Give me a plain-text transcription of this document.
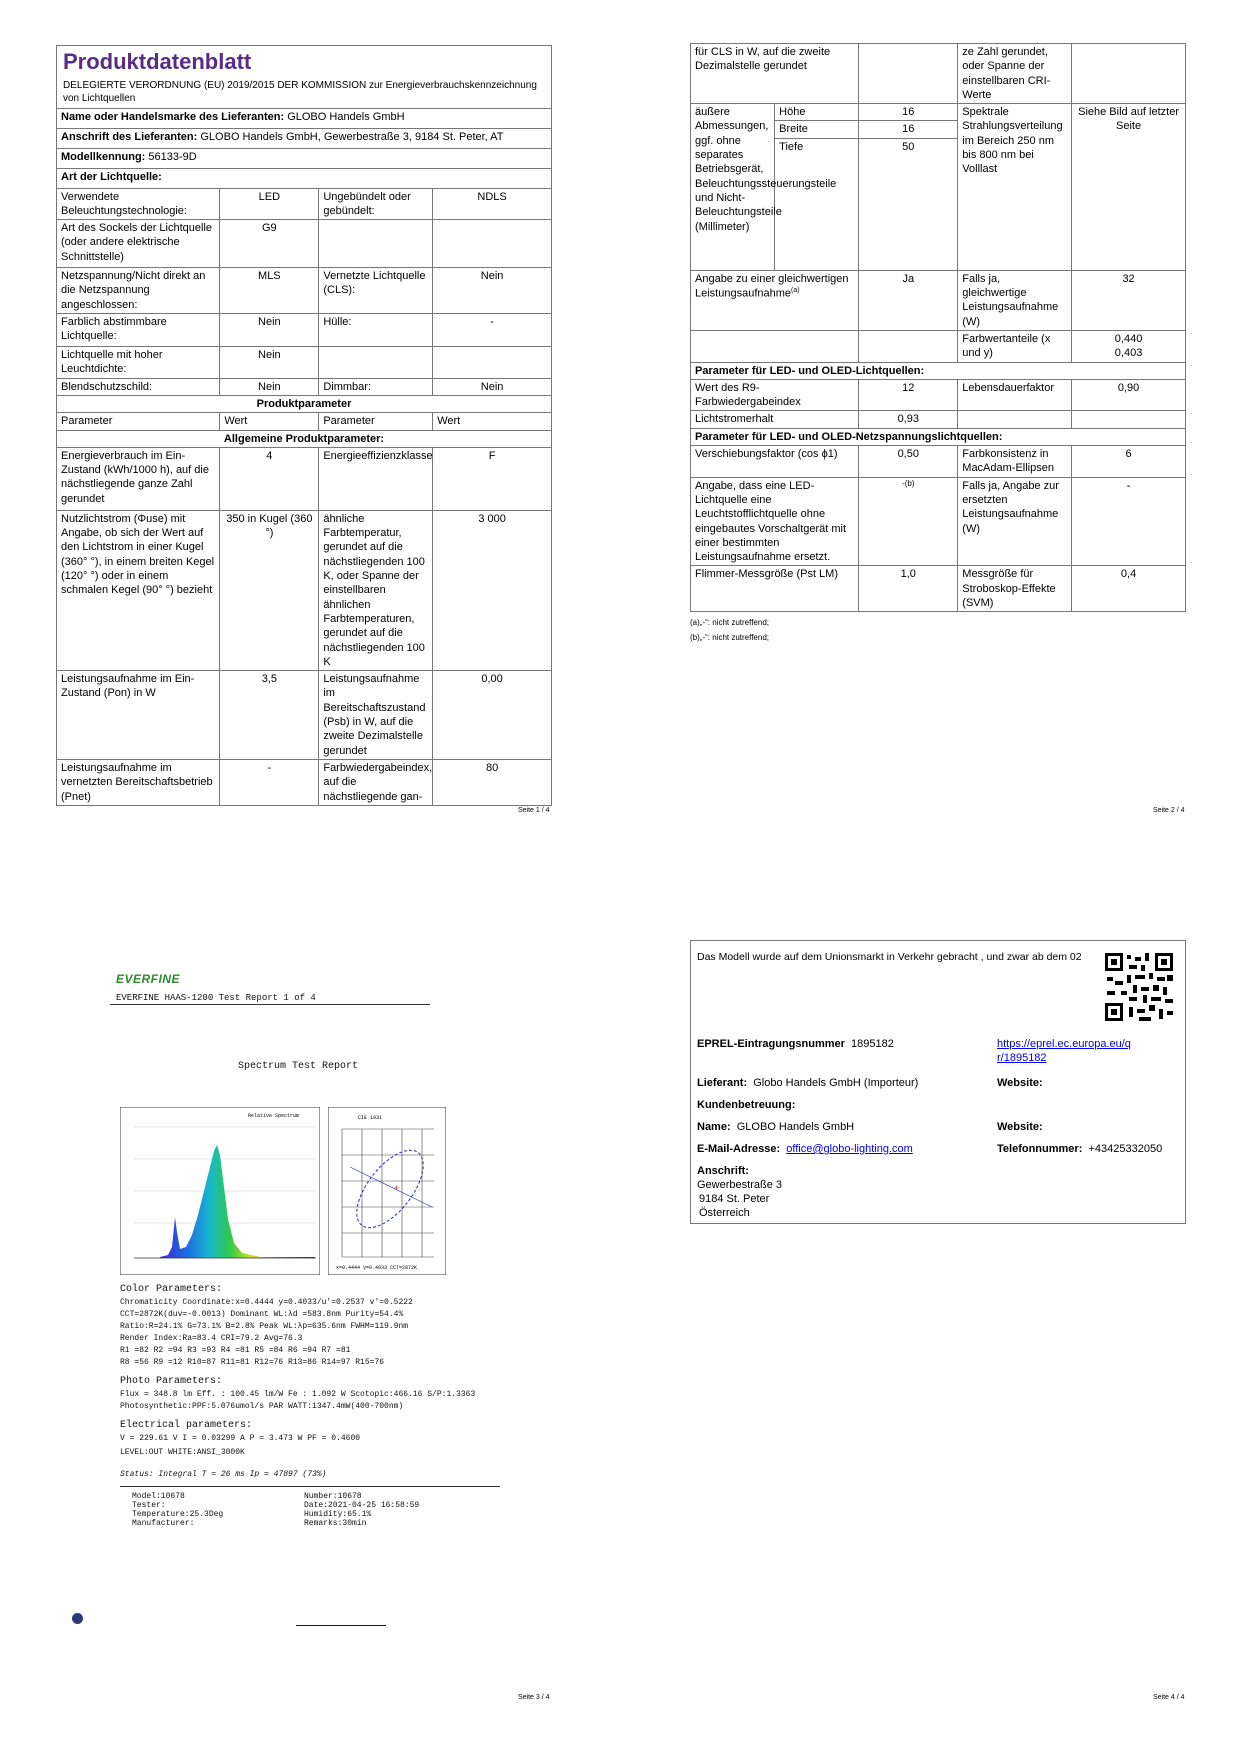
Produktdatenblatt
DELEGIERTE VERORDNUNG (EU) 2019/2015 DER KOMMISSION zur Energieverbrauchskennzeichnung von Lichtquellen			

Name oder Handelsmarke des Lieferanten: GLOBO Handels GmbH			
Anschrift des Lieferanten: GLOBO Handels GmbH, Gewerbestraße 3, 9184 St. Peter, AT			
Modellkennung: 56133-9D			
Art der Lichtquelle:			
Verwendete Beleuchtungstechnologie:	LED	Ungebündelt oder gebündelt:	NDLS
Art des Sockels der Lichtquelle (oder andere elektrische Schnittstelle)	G9		
Netzspannung/Nicht direkt an die Netzspannung angeschlossen:	MLS	Vernetzte Lichtquelle (CLS):	Nein
Farblich abstimmbare Lichtquelle:	Nein	Hülle:	-
Lichtquelle mit hoher Leuchtdichte:	Nein		
Blendschutzschild:	Nein	Dimmbar:	Nein
Produktparameter			
Parameter	Wert	Parameter	Wert
Allgemeine Produktparameter:			
Energieverbrauch im Ein-Zustand (kWh/1000 h), auf die nächstliegende ganze Zahl gerundet	4	Energieeffizienzklasse	F
Nutzlichtstrom (Φuse) mit Angabe, ob sich der Wert auf den Lichtstrom in einer Kugel (360° °), in einem breiten Kegel (120° °) oder in einem schmalen Kegel (90° °) bezieht	350 in Kugel (360 °)	ähnliche Farbtemperatur, gerundet auf die nächstliegenden 100 K, oder Spanne der einstellbaren ähnlichen Farbtemperaturen, gerundet auf die nächstliegenden 100 K	3 000
Leistungsaufnahme im Ein-Zustand (Pon) in W	3,5	Leistungsaufnahme im Bereitschaftszustand (Psb) in W, auf die zweite Dezimalstelle gerundet	0,00
Leistungsaufnahme im vernetzten Bereitschaftsbetrieb (Pnet)	-	Farbwiedergabeindex, auf die nächstliegende gan-	80
Seite 1 / 4
für CLS in W, auf die zweite Dezimalstelle gerundet			ze Zahl gerundet, oder Spanne der einstellbaren CRI-Werte	
äußere Abmessungen, ggf. ohne separates Betriebsgerät, Beleuchtungssteuerungsteile und Nicht-Beleuchtungsteile (Millimeter)	Höhe	16	Spektrale Strahlungsverteilung im Bereich 250 nm bis 800 nm bei Volllast	Siehe Bild auf letzter Seite
	Breite	16		
	Tiefe	50		
Angabe zu einer gleichwertigen Leistungsaufnahme$^{(a)}$		Ja	Falls ja, gleichwertige Leistungsaufnahme (W)	32
			Farbwertanteile (x und y)	0,440
0,403

Parameter für LED- und OLED-Lichtquellen:				
Wert des R9-Farbwiedergabeindex		12	Lebensdauerfaktor	0,90
Lichtstromerhalt		0,93		
Parameter für LED- und OLED-Netzspannungslichtquellen:				
Verschiebungsfaktor (cos ϕ1)		0,50	Farbkonsistenz in MacAdam-Ellipsen	6
Angabe, dass eine LED-Lichtquelle eine Leuchtstofflichtquelle ohne eingebautes Vorschaltgerät mit einer bestimmten Leistungsaufnahme ersetzt.		-(b)	Falls ja, Angabe zur ersetzten Leistungsaufnahme (W)	-
Flimmer-Messgröße (Pst LM)		1,0	Messgröße für Stroboskop-Effekte (SVM)	0,4
(a)„-“: nicht zutreffend;
(b)„-“: nicht zutreffend;
Seite 2 / 4
EVERFINE
EVERFINE HAAS-1200 Test Report 1 of 4
Spectrum Test Report
Relative Spectrum
+
CIE 1931
x=0.4444 y=0.4033 CCT=2872K
Color Parameters:
Chromaticity Coordinate:x=0.4444 y=0.4033/u'=0.2537 v'=0.5222
CCT=2872K(duv=-0.0013) Dominant WL:λd =583.8nm Purity=54.4%
Ratio:R=24.1% G=73.1% B=2.8% Peak WL:λp=635.6nm FWHM=119.9nm
Render Index:Ra=83.4 CRI=79.2 Avg=76.3
R1 =82 R2 =94 R3 =93 R4 =81 R5 =84 R6 =94 R7 =81
R8 =56 R9 =12 R10=87 R11=81 R12=76 R13=86 R14=97 R15=76
Photo Parameters:
Flux = 348.8 lm Eff. : 100.45 lm/W Fe : 1.092 W Scotopic:466.16 S/P:1.3363
Photosynthetic:PPF:5.076umol/s PAR WATT:1347.4mW(400-700nm)
Electrical parameters:
V = 229.61 V I = 0.03299 A P = 3.473 W PF = 0.4600
LEVEL:OUT WHITE:ANSI_3000K
Status: Integral T = 26 ms Ip = 47897 (73%)
Model:10678
Tester:
Temperature:25.3Deg
Manufacturer:
Number:10678
Date:2021-04-25 16:58:59
Humidity:65.1%
Remarks:30min
Seite 3 / 4
Das Modell wurde auf dem Unionsmarkt in Verkehr gebracht , und zwar ab dem 02
EPREL-Eintragungsnummer 1895182	https://eprel.ec.europa.eu/qr/1895182
Lieferant: Globo Handels GmbH (Importeur)	Website:
Kundenbetreuung:
Name: GLOBO Handels GmbH	Website:
E-Mail-Adresse: office@globo-lighting.com	Telefonnummer: +43425332050
Anschrift:
Gewerbestraße 3
9184 St. Peter
Österreich
Seite 4 / 4
